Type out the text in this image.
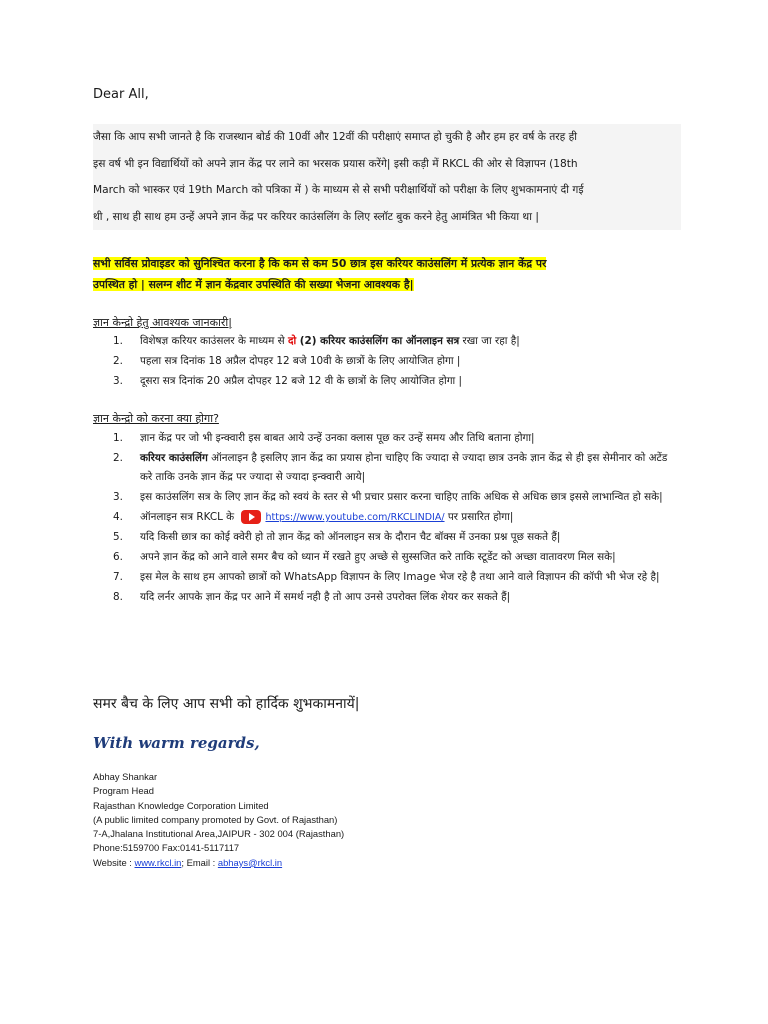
Dear All,
जैसा कि आप सभी जानते है कि राजस्थान बोर्ड की 10वीं और 12वीं की परीक्षाएं समाप्त हो चुकी है और हम हर वर्ष के तरह ही
इस वर्ष भी इन विद्यार्थियों को अपने ज्ञान केंद्र पर लाने का भरसक प्रयास करेंगे| इसी कड़ी में RKCL की ओर से विज्ञापन (18th
March को भास्कर एवं 19th March को पत्रिका में ) के माध्यम से से सभी परीक्षार्थियों को परीक्षा के लिए शुभकामनाएं दी गई
थी , साथ ही साथ हम उन्हें अपने ज्ञान केंद्र पर करियर काउंसलिंग के लिए स्लॉट बुक करने हेतु आमंत्रित भी किया था |
सभी सर्विस प्रोवाइडर को सुनिश्चित करना है कि कम से कम 50 छात्र इस करियर काउंसलिंग में प्रत्येक ज्ञान केंद्र पर
उपस्थित हो | सलग्न शीट में ज्ञान केंद्रवार उपस्थिति की सख्या भेजना आवश्यक है|
ज्ञान केन्द्रो हेतु आवश्यक जानकारी|
1. विशेषज्ञ करियर काउंसलर के माध्यम से दो (2) करियर काउंसलिंग का ऑनलाइन सत्र रखा जा रहा है|
2. पहला सत्र दिनांक 18 अप्रैल दोपहर 12 बजे 10वी के छात्रों के लिए आयोजित होगा |
3. दूसरा सत्र दिनांक 20 अप्रैल दोपहर 12 बजे 12 वी के छात्रों के लिए आयोजित होगा |
ज्ञान केन्द्रो को करना क्या होगा?
1. ज्ञान केंद्र पर जो भी इन्क्वारी इस बाबत आये उन्हें उनका क्लास पूछ कर उन्हें समय और तिथि बताना होगा|
2. करियर काउंसलिंग ऑनलाइन है इसलिए ज्ञान केंद्र का प्रयास होना चाहिए कि ज्यादा से ज्यादा छात्र उनके ज्ञान केंद्र से ही इस सेमीनार को अटेंड करे ताकि उनके ज्ञान केंद्र पर ज्यादा से ज्यादा इन्क्वारी आये|
3. इस काउंसलिंग सत्र के लिए ज्ञान केंद्र को स्वयं के स्तर से भी प्रचार प्रसार करना चाहिए ताकि अधिक से अधिक छात्र इससे लाभान्वित हो सके|
4. ऑनलाइन सत्र RKCL के	https://www.youtube.com/RKCLINDIA/ पर प्रसारित होगा|
5. यदि किसी छात्र का कोई क्वेरी हो तो ज्ञान केंद्र को ऑनलाइन सत्र के दौरान चैट बॉक्स में उनका प्रश्न पूछ सकते हैं|
6. अपने ज्ञान केंद्र को आने वाले समर बैच को ध्यान में रखते हुए अच्छे से सुस्सजित करे ताकि स्टूडेंट को अच्छा वातावरण मिल सके|
7. इस मेल के साथ हम आपको छात्रों को WhatsApp विज्ञापन के लिए Image भेज रहे है तथा आने वाले विज्ञापन की कॉपी भी भेज रहे है|
8. यदि लर्नर आपके ज्ञान केंद्र पर आने में समर्थ नही है तो आप उनसे उपरोक्त लिंक शेयर कर सकते हैं|
समर बैच के लिए आप सभी को हार्दिक शुभकामनायें|
With warm regards,
Abhay Shankar
Program Head
Rajasthan Knowledge Corporation Limited
(A public limited company promoted by Govt. of Rajasthan)
7-A,Jhalana Institutional Area,JAIPUR - 302 004 (Rajasthan)
Phone:5159700 Fax:0141-5117117
Website : www.rkcl.in; Email : abhays@rkcl.in
